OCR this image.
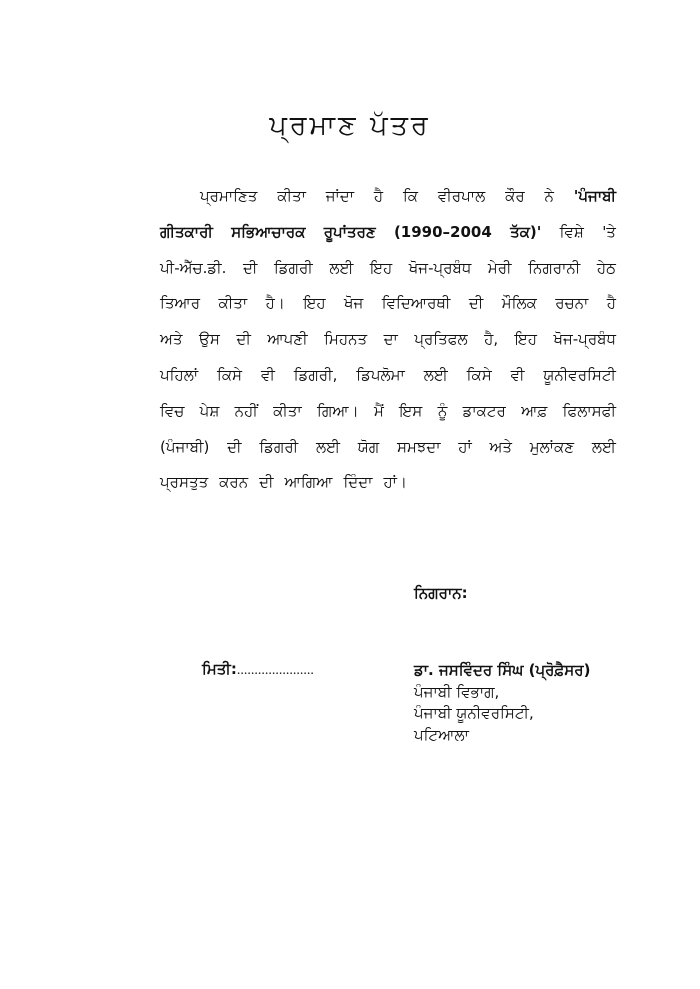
ਪ੍ਰਮਾਣ ਪੱਤਰ
ਪ੍ਰਮਾਣਿਤ ਕੀਤਾ ਜਾਂਦਾ ਹੈ ਕਿ ਵੀਰਪਾਲ ਕੌਰ ਨੇ 'ਪੰਜਾਬੀ
ਗੀਤਕਾਰੀ ਸਭਿਆਚਾਰਕ ਰੂਪਾਂਤਰਣ (1990–2004 ਤੱਕ)' ਵਿਸ਼ੇ 'ਤੇ
ਪੀ-ਐੱਚ.ਡੀ. ਦੀ ਡਿਗਰੀ ਲਈ ਇਹ ਖੋਜ-ਪ੍ਰਬੰਧ ਮੇਰੀ ਨਿਗਰਾਨੀ ਹੇਠ
ਤਿਆਰ ਕੀਤਾ ਹੈ। ਇਹ ਖੋਜ ਵਿਦਿਆਰਥੀ ਦੀ ਮੌਲਿਕ ਰਚਨਾ ਹੈ
ਅਤੇ ਉਸ ਦੀ ਆਪਣੀ ਮਿਹਨਤ ਦਾ ਪ੍ਰਤਿਫਲ ਹੈ, ਇਹ ਖੋਜ-ਪ੍ਰਬੰਧ
ਪਹਿਲਾਂ ਕਿਸੇ ਵੀ ਡਿਗਰੀ, ਡਿਪਲੋਮਾ ਲਈ ਕਿਸੇ ਵੀ ਯੂਨੀਵਰਸਿਟੀ
ਵਿਚ ਪੇਸ਼ ਨਹੀਂ ਕੀਤਾ ਗਿਆ। ਮੈਂ ਇਸ ਨੂੰ ਡਾਕਟਰ ਆਫ਼ ਫਿਲਾਸਫੀ
(ਪੰਜਾਬੀ) ਦੀ ਡਿਗਰੀ ਲਈ ਯੋਗ ਸਮਝਦਾ ਹਾਂ ਅਤੇ ਮੁਲਾਂਕਣ ਲਈ
ਪ੍ਰਸਤੁਤ ਕਰਨ ਦੀ ਆਗਿਆ ਦਿੰਦਾ ਹਾਂ।
ਨਿਗਰਾਨ:
ਮਿਤੀ:......................	ਡਾ. ਜਸਵਿੰਦਰ ਸਿੰਘ (ਪ੍ਰੋਫ਼ੈਸਰ)
ਪੰਜਾਬੀ ਵਿਭਾਗ,
ਪੰਜਾਬੀ ਯੂਨੀਵਰਸਿਟੀ,
ਪਟਿਆਲਾ
